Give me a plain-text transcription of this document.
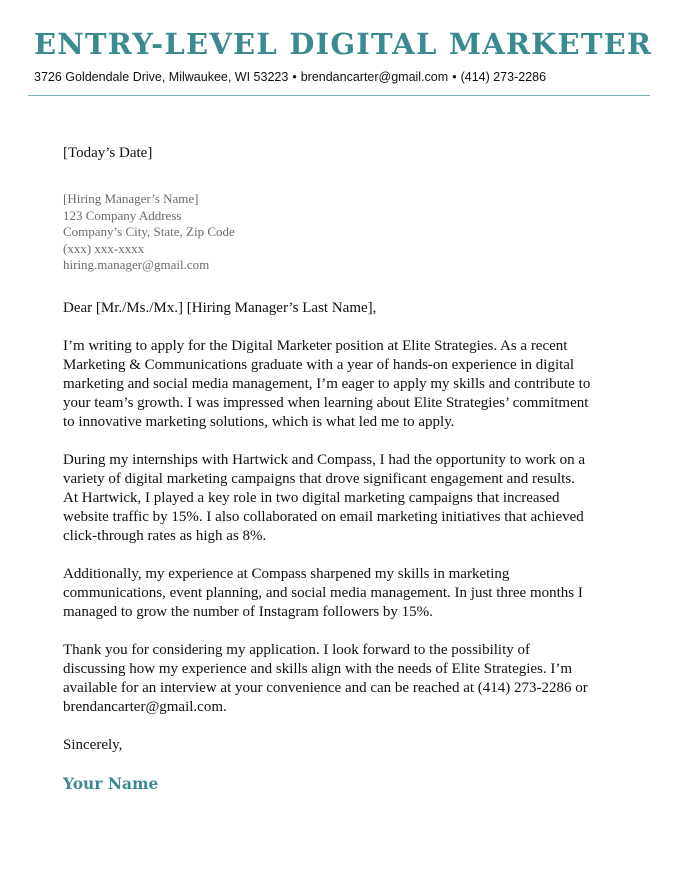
ENTRY-LEVEL DIGITAL MARKETER
3726 Goldendale Drive, Milwaukee, WI 53223 • brendancarter@gmail.com • (414) 273-2286
[Today’s Date]
[Hiring Manager’s Name]
123 Company Address
Company’s City, State, Zip Code
(xxx) xxx-xxxx
hiring.manager@gmail.com
Dear [Mr./Ms./Mx.] [Hiring Manager’s Last Name],
I’m writing to apply for the Digital Marketer position at Elite Strategies. As a recent
Marketing & Communications graduate with a year of hands-on experience in digital
marketing and social media management, I’m eager to apply my skills and contribute to
your team’s growth. I was impressed when learning about Elite Strategies’ commitment
to innovative marketing solutions, which is what led me to apply.
During my internships with Hartwick and Compass, I had the opportunity to work on a
variety of digital marketing campaigns that drove significant engagement and results.
At Hartwick, I played a key role in two digital marketing campaigns that increased
website traffic by 15%. I also collaborated on email marketing initiatives that achieved
click-through rates as high as 8%.
Additionally, my experience at Compass sharpened my skills in marketing
communications, event planning, and social media management. In just three months I
managed to grow the number of Instagram followers by 15%.
Thank you for considering my application. I look forward to the possibility of
discussing how my experience and skills align with the needs of Elite Strategies. I’m
available for an interview at your convenience and can be reached at (414) 273-2286 or
brendancarter@gmail.com.
Sincerely,
Your Name
